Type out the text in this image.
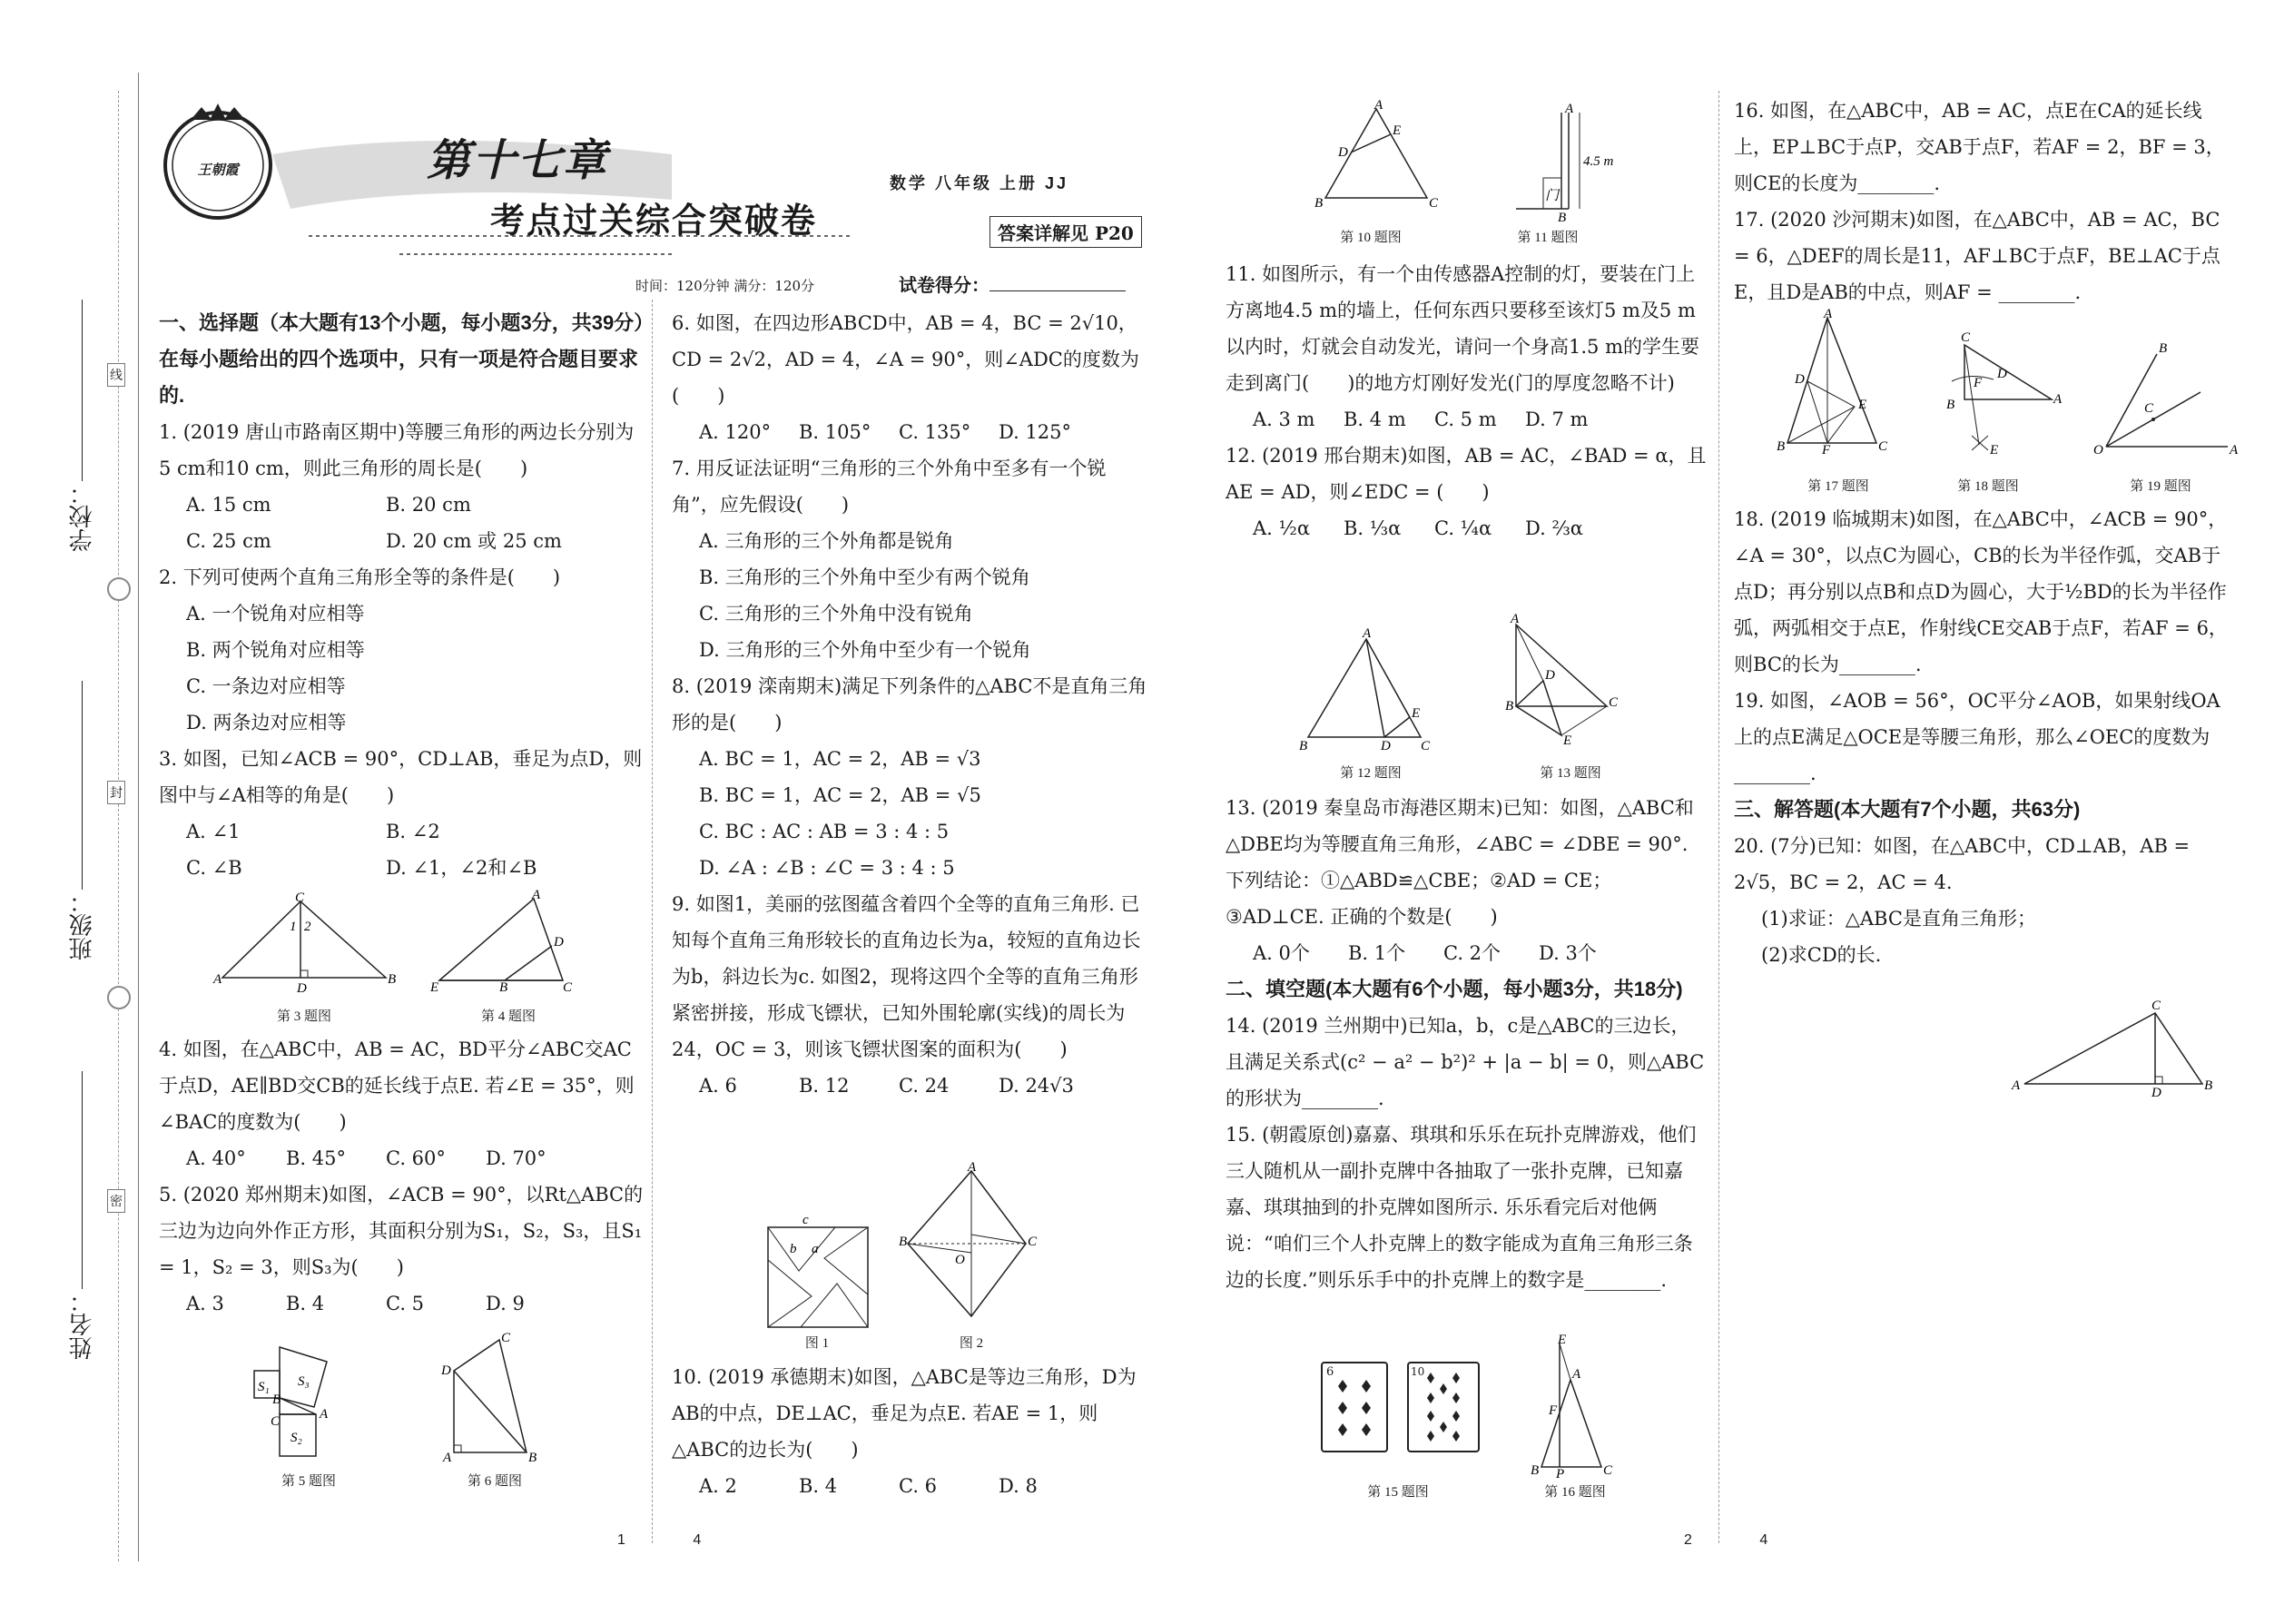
王朝霞	第十七章
考点过关综合突破卷
数学 八年级 上册 JJ
答案详解见 P20
时间：120分钟 满分：120分	试卷得分：
学校：
班级：
姓名：
线
封
密

一、选择题（本大题有13个小题，每小题3分，共39分）在每小题给出的四个选项中，只有一项是符合题目要求的.

1. (2019 唐山市路南区期中)等腰三角形的两边长分别为5 cm和10 cm，则此三角形的周长是(　　)

A. 15 cm	B. 20 cm
C. 25 cm	D. 20 cm 或 25 cm

2. 下列可使两个直角三角形全等的条件是(　　)

A. 一个锐角对应相等

B. 两个锐角对应相等

C. 一条边对应相等

D. 两条边对应相等

3. 如图，已知∠ACB = 90°，CD⊥AB，垂足为点D，则图中与∠A相等的角是(　　)

A. ∠1	B. ∠2
C. ∠B	D. ∠1，∠2和∠B
A
C
B
D
1 2
第 3 题图
E	B	C
A
D
第 4 题图

4. 如图，在△ABC中，AB = AC，BD平分∠ABC交AC于点D，AE∥BD交CB的延长线于点E. 若∠E = 35°，则∠BAC的度数为(　　)

A. 40°	B. 45°	C. 60°	D. 70°

5. (2020 郑州期末)如图，∠ACB = 90°，以Rt△ABC的三边为边向外作正方形，其面积分别为S₁，S₂，S₃，且S₁ = 1，S₂ = 3，则S₃为(　　)

A. 3	B. 4	C. 5	D. 9
S₁ S₃
S₂
C
B
A
第 5 题图
A	B
C
D
第 6 题图

6. 如图，在四边形ABCD中，AB = 4，BC = 2√10，CD = 2√2，AD = 4，∠A = 90°，则∠ADC的度数为(　　)

A. 120°	B. 105°	C. 135°	D. 125°

7. 用反证法证明“三角形的三个外角中至多有一个锐角”，应先假设(　　)

A. 三角形的三个外角都是锐角

B. 三角形的三个外角中至少有两个锐角

C. 三角形的三个外角中没有锐角

D. 三角形的三个外角中至少有一个锐角

8. (2019 滦南期末)满足下列条件的△ABC不是直角三角形的是(　　)

A. BC = 1，AC = 2，AB = √3

B. BC = 1，AC = 2，AB = √5

C. BC : AC : AB = 3 : 4 : 5

D. ∠A : ∠B : ∠C = 3 : 4 : 5

9. 如图1，美丽的弦图蕴含着四个全等的直角三角形. 已知每个直角三角形较长的直角边长为a，较短的直角边长为b，斜边长为c. 如图2，现将这四个全等的直角三角形紧密拼接，形成飞镖状，已知外围轮廓(实线)的周长为24，OC = 3，则该飞镖状图案的面积为(　　)

A. 6	B. 12	C. 24	D. 24√3
c
b a
图 1
A
B
O
C
图 2

10. (2019 承德期末)如图，△ABC是等边三角形，D为AB的中点，DE⊥AC，垂足为点E. 若AE = 1，则△ABC的边长为(　　)

A. 2	B. 4	C. 6	D. 8
A
D
E
B	C
第 10 题图
A
B
4.5 m
门
第 11 题图

11. 如图所示，有一个由传感器A控制的灯，要装在门上方离地4.5 m的墙上，任何东西只要移至该灯5 m及5 m以内时，灯就会自动发光，请问一个身高1.5 m的学生要走到离门(　　)的地方灯刚好发光(门的厚度忽略不计)

A. 3 m	B. 4 m	C. 5 m	D. 7 m

12. (2019 邢台期末)如图，AB = AC，∠BAD = α，且AE = AD，则∠EDC = (　　)

A. ½α	B. ⅓α	C. ¼α	D. ⅔α
A
B	D C
E
第 12 题图
A
B	C
D
E
第 13 题图

13. (2019 秦皇岛市海港区期末)已知：如图，△ABC和△DBE均为等腰直角三角形，∠ABC = ∠DBE = 90°. 下列结论：①△ABD≌△CBE；②AD = CE；③AD⊥CE. 正确的个数是(　　)

A. 0个	B. 1个	C. 2个	D. 3个

二、填空题(本大题有6个小题，每小题3分，共18分)

14. (2019 兰州期中)已知a，b，c是△ABC的三边长，且满足关系式(c² − a² − b²)² + |a − b| = 0，则△ABC的形状为________.

15. (朝霞原创)嘉嘉、琪琪和乐乐在玩扑克牌游戏，他们三人随机从一副扑克牌中各抽取了一张扑克牌，已知嘉嘉、琪琪抽到的扑克牌如图所示. 乐乐看完后对他俩说：“咱们三个人扑克牌上的数字能成为直角三角形三条边的长度.”则乐乐手中的扑克牌上的数字是________.

6	10
第 15 题图
E
A
F
B P	C
第 16 题图

16. 如图，在△ABC中，AB = AC，点E在CA的延长线上，EP⊥BC于点P，交AB于点F，若AF = 2，BF = 3，则CE的长度为________.

17. (2020 沙河期末)如图，在△ABC中，AB = AC，BC = 6，△DEF的周长是11，AF⊥BC于点F，BE⊥AC于点E，且D是AB的中点，则AF = ________.

A
D
E
B	F	C
第 17 题图
C
F
D
B	A
E
第 18 题图
O	A
B
C
第 19 题图

18. (2019 临城期末)如图，在△ABC中，∠ACB = 90°，∠A = 30°，以点C为圆心，CB的长为半径作弧，交AB于点D；再分别以点B和点D为圆心，大于½BD的长为半径作弧，两弧相交于点E，作射线CE交AB于点F，若AF = 6，则BC的长为________.

19. 如图，∠AOB = 56°，OC平分∠AOB，如果射线OA上的点E满足△OCE是等腰三角形，那么∠OEC的度数为________.

三、解答题(本大题有7个小题，共63分)

20. (7分)已知：如图，在△ABC中，CD⊥AB，AB = 2√5，BC = 2，AC = 4.

(1)求证：△ABC是直角三角形；

(2)求CD的长.

A
C
B
D
1 4	2 4
